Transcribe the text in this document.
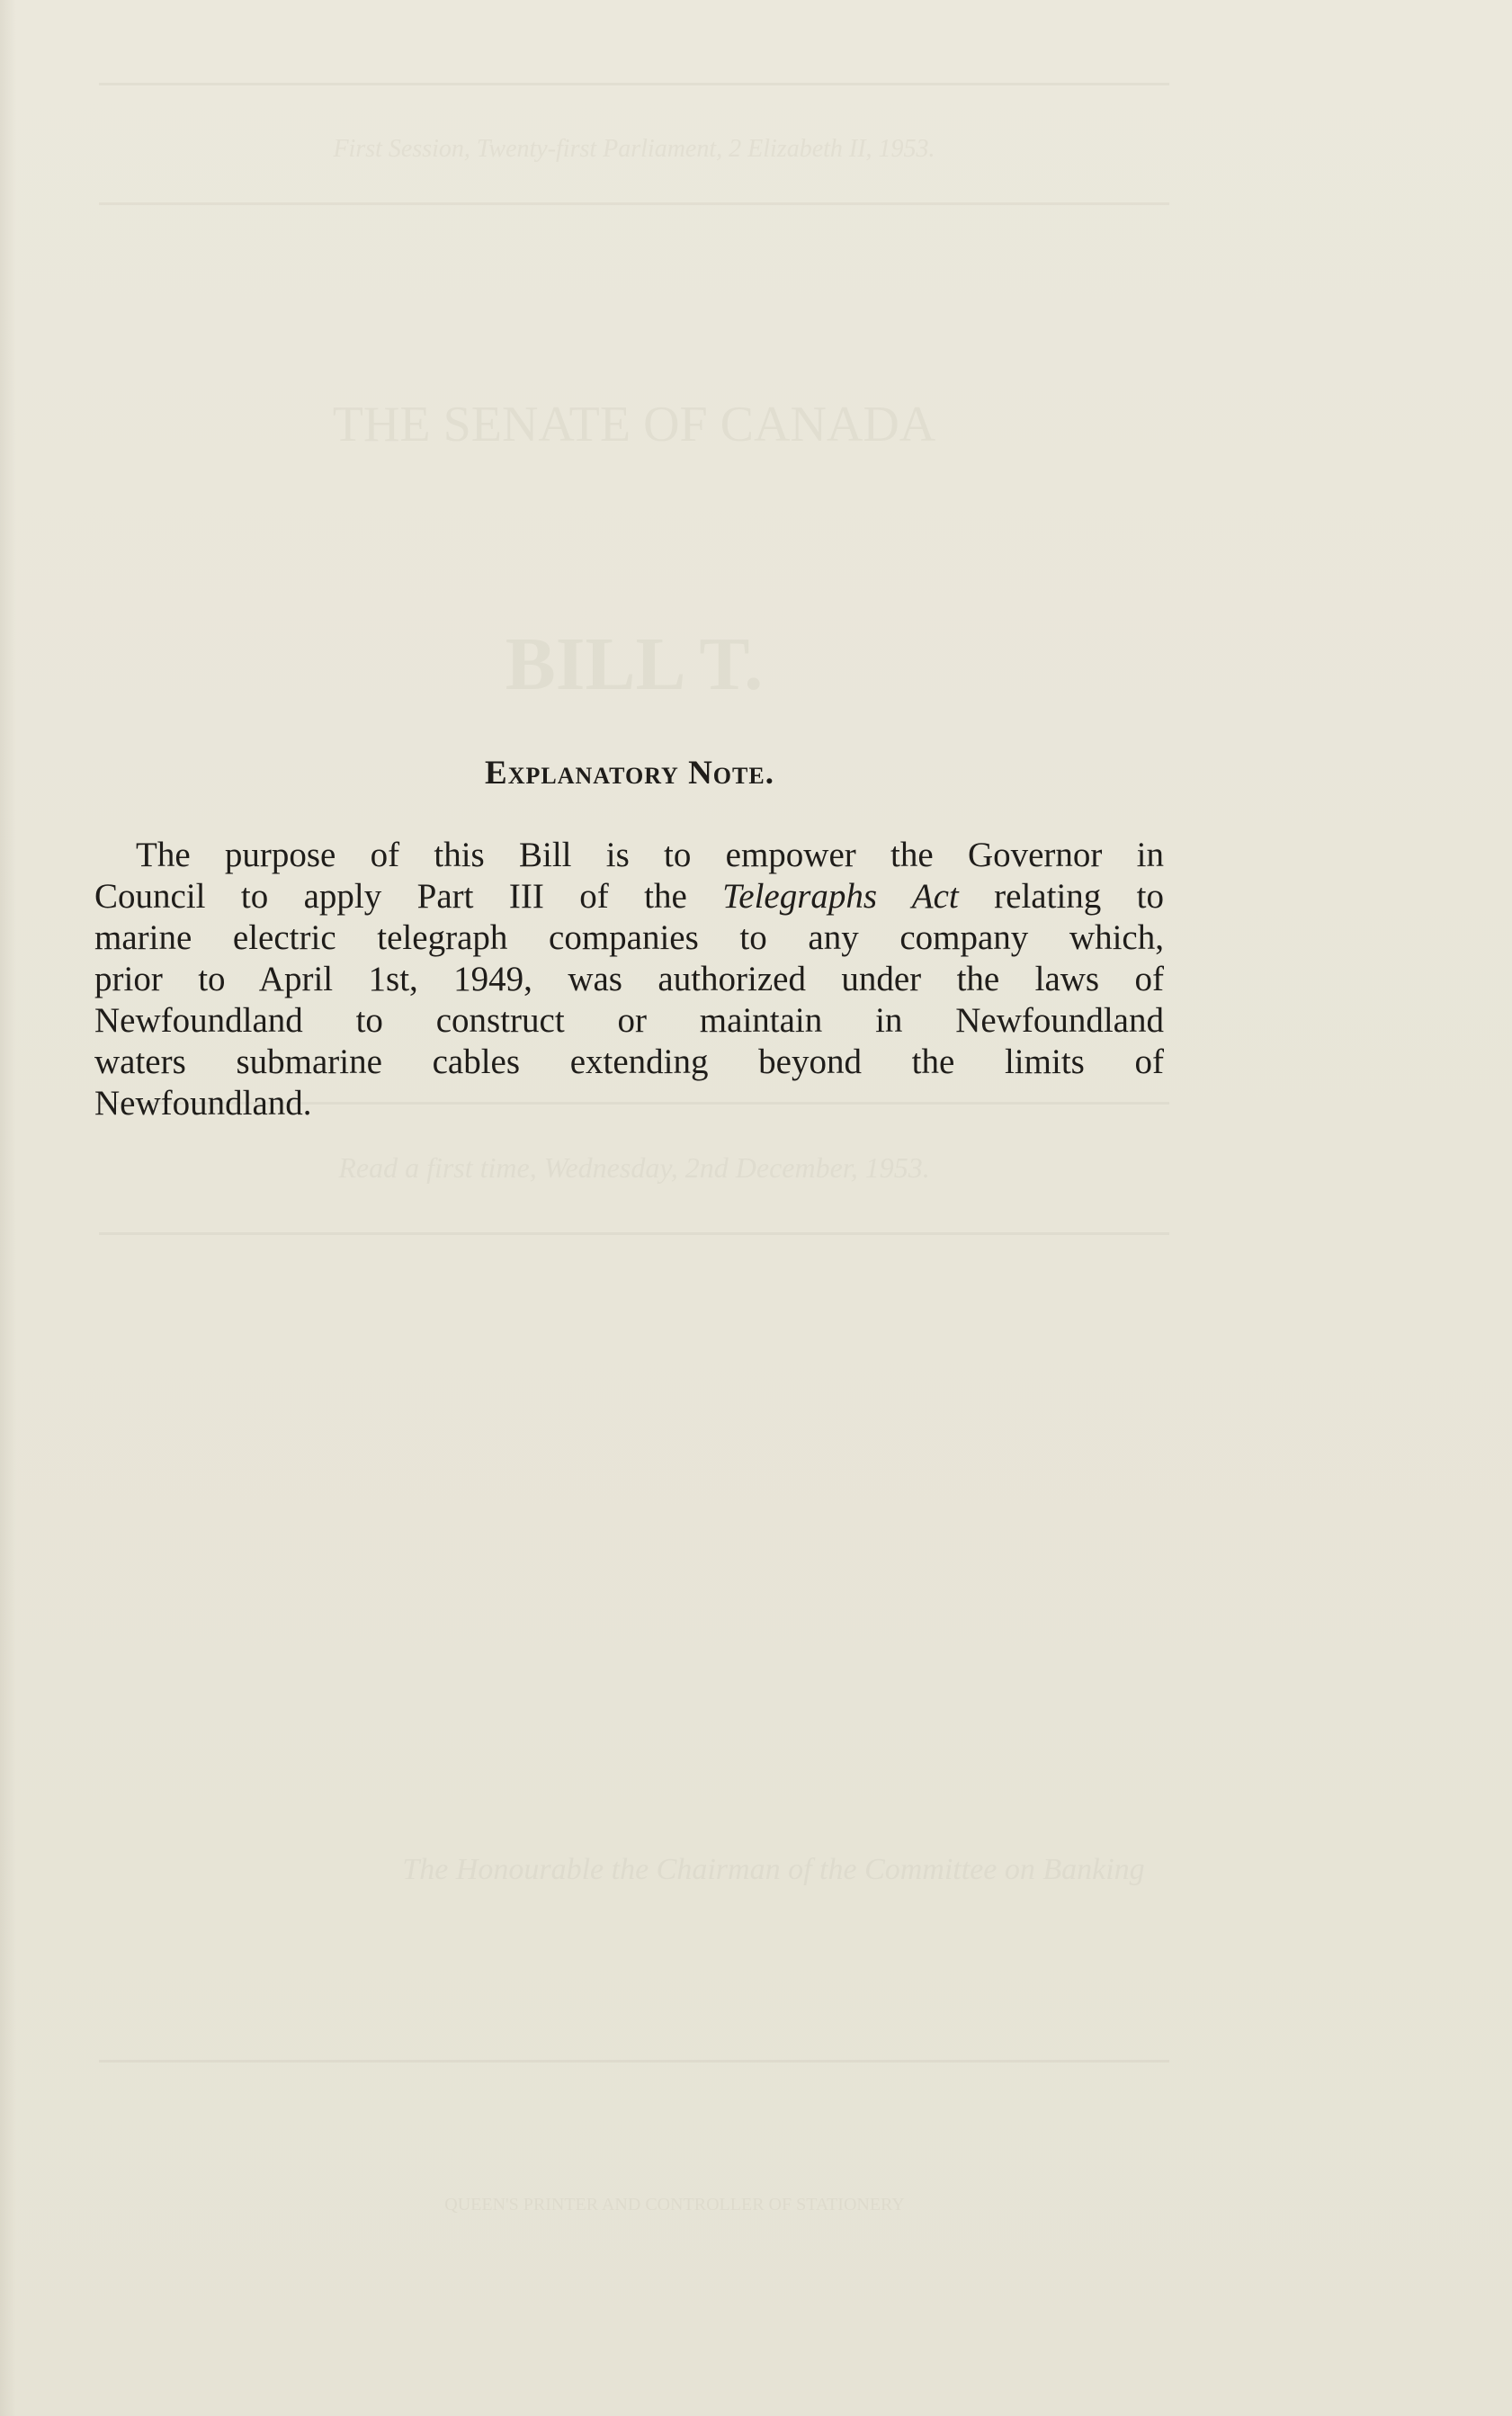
First Session, Twenty-first Parliament, 2 Elizabeth II, 1953.
THE SENATE OF CANADA
BILL T.
Read a first time, Wednesday, 2nd December, 1953.
The Honourable the Chairman of the Committee on Banking
QUEEN'S PRINTER AND CONTROLLER OF STATIONERY
Explanatory Note.
The purpose of this Bill is to empower the Governor in
Council to apply Part III of the Telegraphs Act relating to
marine electric telegraph companies to any company which,
prior to April 1st, 1949, was authorized under the laws of
Newfoundland to construct or maintain in Newfoundland
waters submarine cables extending beyond the limits of
Newfoundland.
